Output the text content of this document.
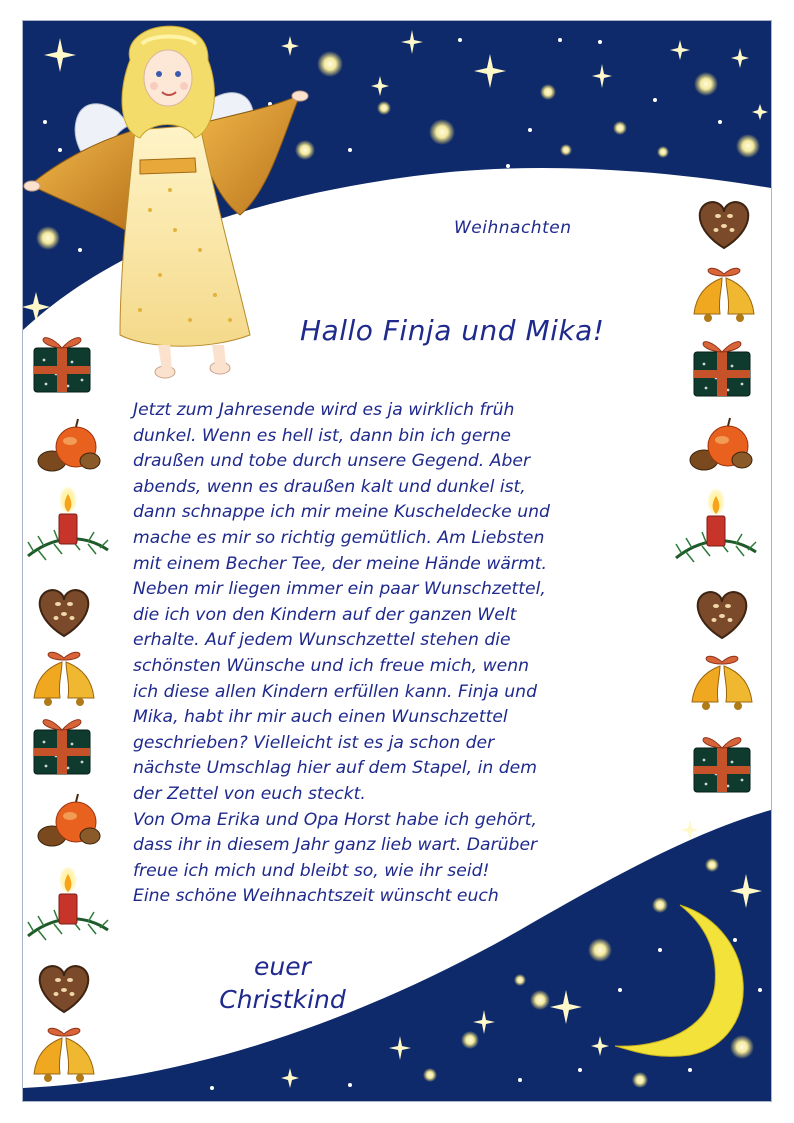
Weihnachten
Hallo Finja und Mika!
Jetzt zum Jahresende wird es ja wirklich früh
dunkel. Wenn es hell ist, dann bin ich gerne
draußen und tobe durch unsere Gegend. Aber
abends, wenn es draußen kalt und dunkel ist,
dann schnappe ich mir meine Kuscheldecke und
mache es mir so richtig gemütlich. Am Liebsten
mit einem Becher Tee, der meine Hände wärmt.
Neben mir liegen immer ein paar Wunschzettel,
die ich von den Kindern auf der ganzen Welt
erhalte. Auf jedem Wunschzettel stehen die
schönsten Wünsche und ich freue mich, wenn
ich diese allen Kindern erfüllen kann. Finja und
Mika, habt ihr mir auch einen Wunschzettel
geschrieben? Vielleicht ist es ja schon der
nächste Umschlag hier auf dem Stapel, in dem
der Zettel von euch steckt.
Von Oma Erika und Opa Horst habe ich gehört,
dass ihr in diesem Jahr ganz lieb wart. Darüber
freue ich mich und bleibt so, wie ihr seid!
Eine schöne Weihnachtszeit wünscht euch
euer
Christkind
